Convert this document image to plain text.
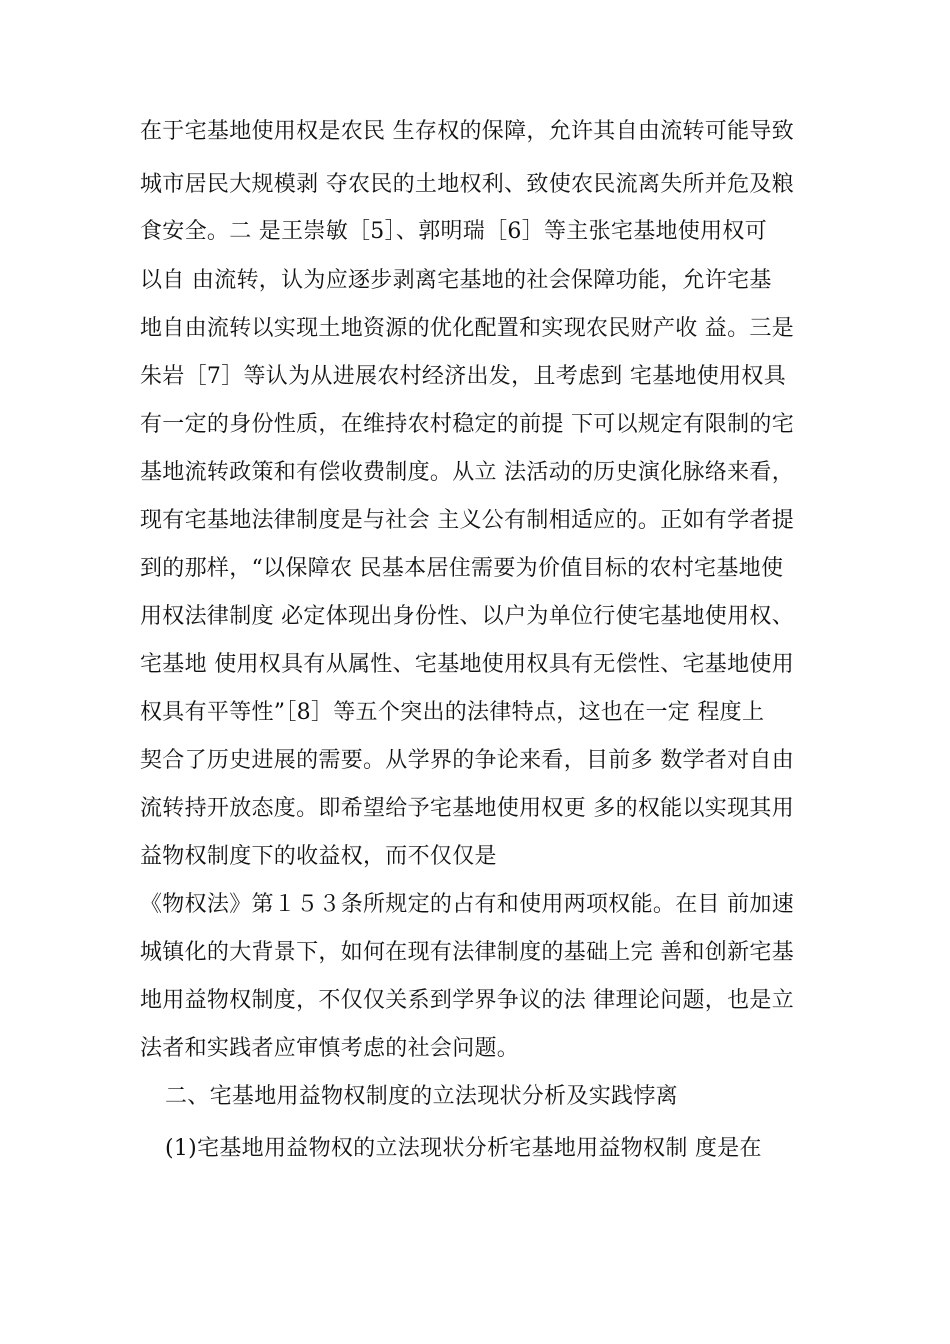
在于宅基地使用权是农民 生存权的保障，允许其自由流转可能导致
城市居民大规模剥 夺农民的土地权利、致使农民流离失所并危及粮
食安全。二 是王崇敏［5］、郭明瑞［6］等主张宅基地使用权可
以自 由流转，认为应逐步剥离宅基地的社会保障功能，允许宅基
地自由流转以实现土地资源的优化配置和实现农民财产收 益。三是
朱岩［7］等认为从进展农村经济出发，且考虑到 宅基地使用权具
有一定的身份性质，在维持农村稳定的前提 下可以规定有限制的宅
基地流转政策和有偿收费制度。从立 法活动的历史演化脉络来看，
现有宅基地法律制度是与社会 主义公有制相适应的。正如有学者提
到的那样，“以保障农 民基本居住需要为价值目标的农村宅基地使
用权法律制度 必定体现出身份性、以户为单位行使宅基地使用权、
宅基地 使用权具有从属性、宅基地使用权具有无偿性、宅基地使用
权具有平等性”［8］等五个突出的法律特点，这也在一定 程度上
契合了历史进展的需要。从学界的争论来看，目前多 数学者对自由
流转持开放态度。即希望给予宅基地使用权更 多的权能以实现其用
益物权制度下的收益权，而不仅仅是
《物权法》第１５３条所规定的占有和使用两项权能。在目 前加速
城镇化的大背景下，如何在现有法律制度的基础上完 善和创新宅基
地用益物权制度，不仅仅关系到学界争议的法 律理论问题，也是立
法者和实践者应审慎考虑的社会问题。
二、宅基地用益物权制度的立法现状分析及实践悖离
(1)宅基地用益物权的立法现状分析宅基地用益物权制 度是在
